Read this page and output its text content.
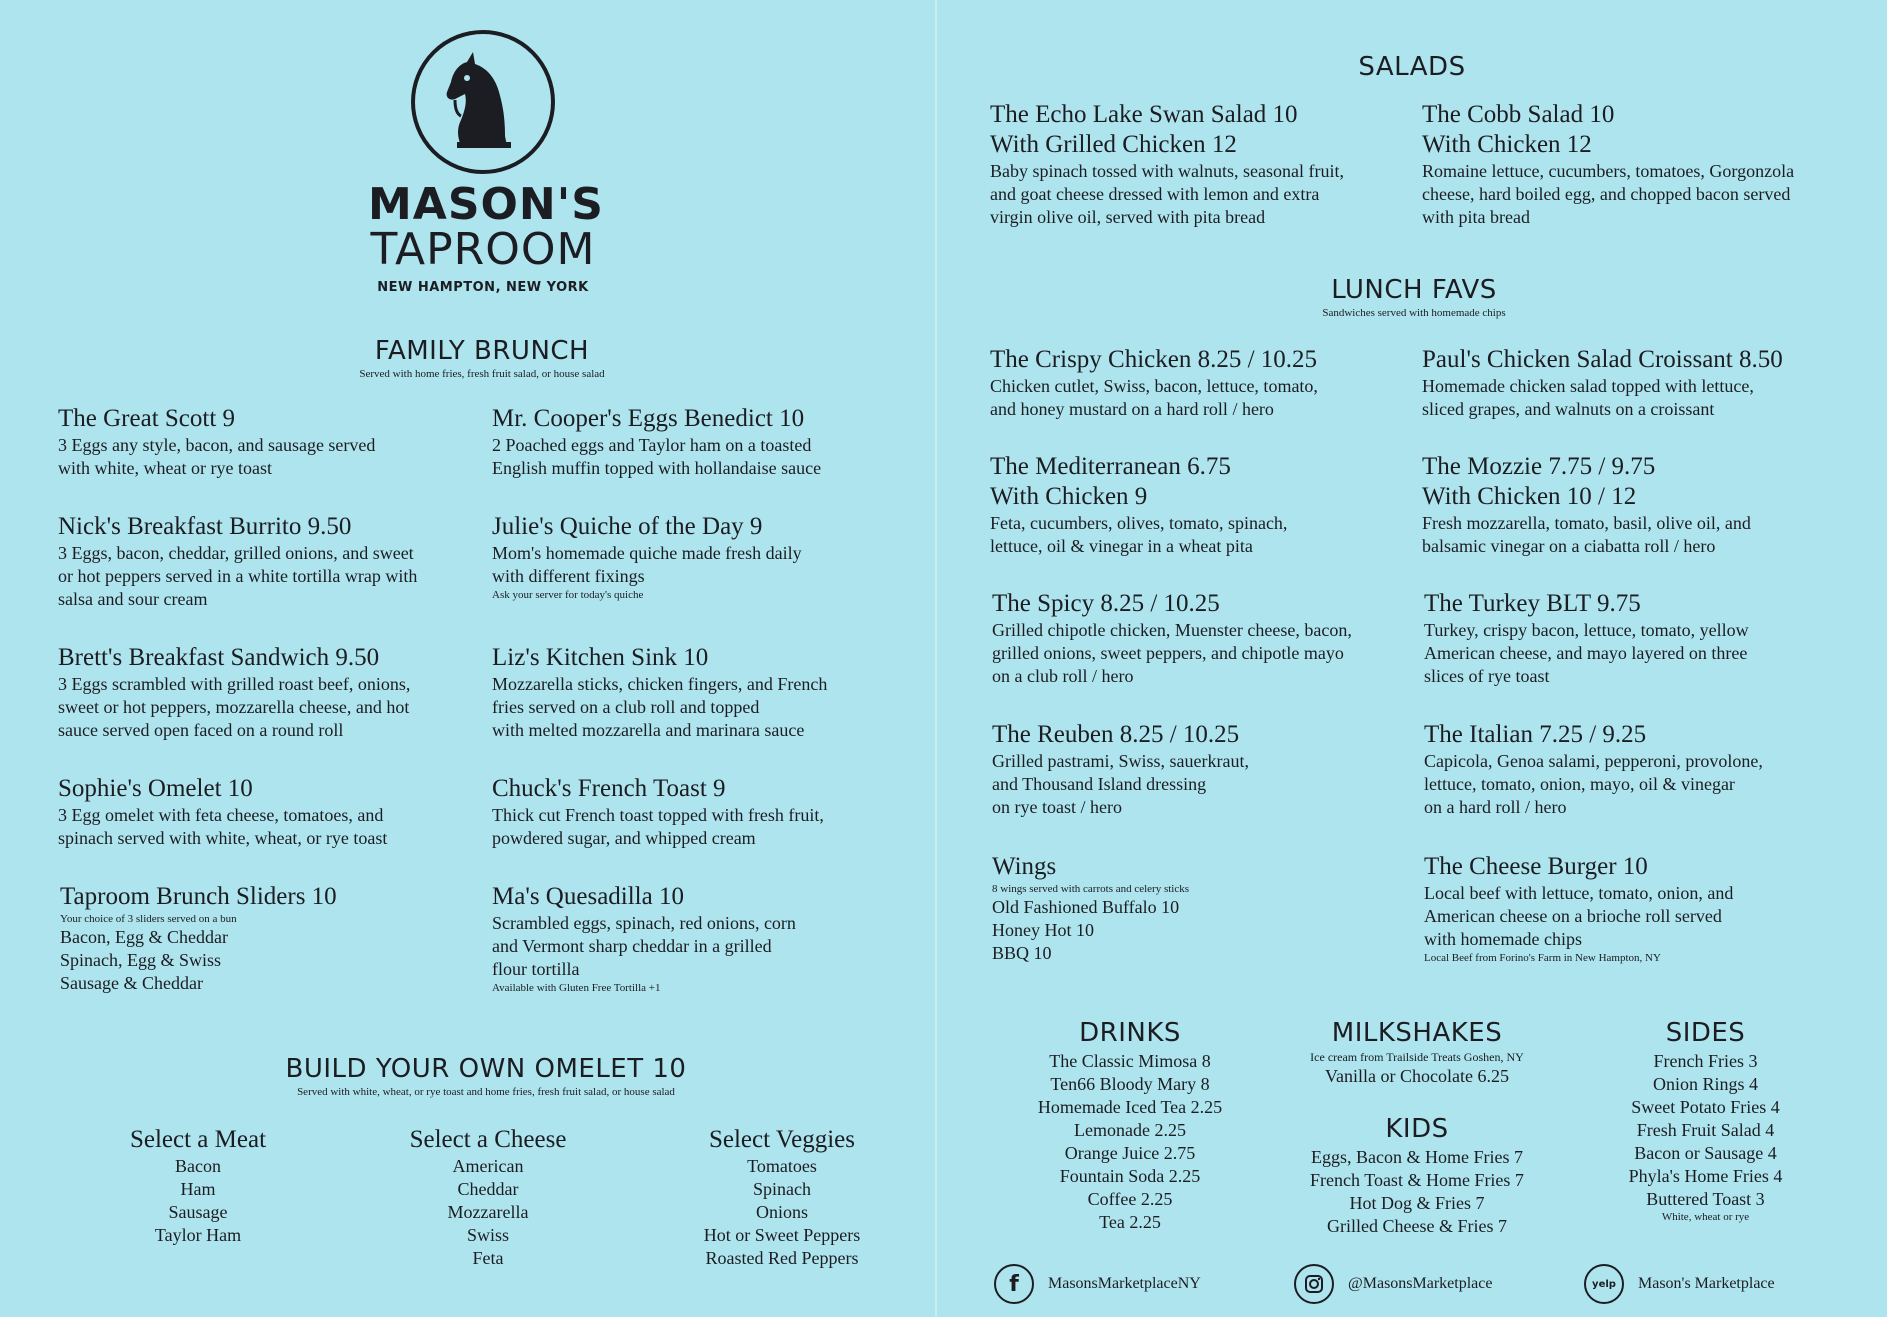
MASON'S
TAPROOM
NEW HAMPTON, NEW YORK
FAMILY BRUNCH
Served with home fries, fresh fruit salad, or house salad
The Great Scott 9
3 Eggs any style, bacon, and sausage served
with white, wheat or rye toast
Mr. Cooper's Eggs Benedict 10
2 Poached eggs and Taylor ham on a toasted
English muffin topped with hollandaise sauce
Nick's Breakfast Burrito 9.50
3 Eggs, bacon, cheddar, grilled onions, and sweet
or hot peppers served in a white tortilla wrap with
salsa and sour cream
Julie's Quiche of the Day 9
Mom's homemade quiche made fresh daily
with different fixings
Ask your server for today's quiche
Brett's Breakfast Sandwich 9.50
3 Eggs scrambled with grilled roast beef, onions,
sweet or hot peppers, mozzarella cheese, and hot
sauce served open faced on a round roll
Liz's Kitchen Sink 10
Mozzarella sticks, chicken fingers, and French
fries served on a club roll and topped
with melted mozzarella and marinara sauce
Sophie's Omelet 10
3 Egg omelet with feta cheese, tomatoes, and
spinach served with white, wheat, or rye toast
Chuck's French Toast 9
Thick cut French toast topped with fresh fruit,
powdered sugar, and whipped cream
Taproom Brunch Sliders 10
Your choice of 3 sliders served on a bun
Bacon, Egg & Cheddar
Spinach, Egg & Swiss
Sausage & Cheddar
Ma's Quesadilla 10
Scrambled eggs, spinach, red onions, corn
and Vermont sharp cheddar in a grilled
flour tortilla
Available with Gluten Free Tortilla +1
BUILD YOUR OWN OMELET 10
Served with white, wheat, or rye toast and home fries, fresh fruit salad, or house salad
Select a Meat
Bacon
Ham
Sausage
Taylor Ham
Select a Cheese
American
Cheddar
Mozzarella
Swiss
Feta
Select Veggies
Tomatoes
Spinach
Onions
Hot or Sweet Peppers
Roasted Red Peppers
SALADS
The Echo Lake Swan Salad 10
With Grilled Chicken 12
Baby spinach tossed with walnuts, seasonal fruit,
and goat cheese dressed with lemon and extra
virgin olive oil, served with pita bread
The Cobb Salad 10
With Chicken 12
Romaine lettuce, cucumbers, tomatoes, Gorgonzola
cheese, hard boiled egg, and chopped bacon served
with pita bread
LUNCH FAVS
Sandwiches served with homemade chips
The Crispy Chicken 8.25 / 10.25
Chicken cutlet, Swiss, bacon, lettuce, tomato,
and honey mustard on a hard roll / hero
Paul's Chicken Salad Croissant 8.50
Homemade chicken salad topped with lettuce,
sliced grapes, and walnuts on a croissant
The Mediterranean 6.75
With Chicken 9
Feta, cucumbers, olives, tomato, spinach,
lettuce, oil & vinegar in a wheat pita
The Mozzie 7.75 / 9.75
With Chicken 10 / 12
Fresh mozzarella, tomato, basil, olive oil, and
balsamic vinegar on a ciabatta roll / hero
The Spicy 8.25 / 10.25
Grilled chipotle chicken, Muenster cheese, bacon,
grilled onions, sweet peppers, and chipotle mayo
on a club roll / hero
The Turkey BLT 9.75
Turkey, crispy bacon, lettuce, tomato, yellow
American cheese, and mayo layered on three
slices of rye toast
The Reuben 8.25 / 10.25
Grilled pastrami, Swiss, sauerkraut,
and Thousand Island dressing
on rye toast / hero
The Italian 7.25 / 9.25
Capicola, Genoa salami, pepperoni, provolone,
lettuce, tomato, onion, mayo, oil & vinegar
on a hard roll / hero
Wings
8 wings served with carrots and celery sticks
Old Fashioned Buffalo 10
Honey Hot 10
BBQ 10
The Cheese Burger 10
Local beef with lettuce, tomato, onion, and
American cheese on a brioche roll served
with homemade chips
Local Beef from Forino's Farm in New Hampton, NY
DRINKS
The Classic Mimosa 8
Ten66 Bloody Mary 8
Homemade Iced Tea 2.25
Lemonade 2.25
Orange Juice 2.75
Fountain Soda 2.25
Coffee 2.25
Tea 2.25
MILKSHAKES
Ice cream from Trailside Treats Goshen, NY
Vanilla or Chocolate 6.25
KIDS
Eggs, Bacon & Home Fries 7
French Toast & Home Fries 7
Hot Dog & Fries 7
Grilled Cheese & Fries 7
SIDES
French Fries 3
Onion Rings 4
Sweet Potato Fries 4
Fresh Fruit Salad 4
Bacon or Sausage 4
Phyla's Home Fries 4
Buttered Toast 3
White, wheat or rye
f MasonsMarketplaceNY	@MasonsMarketplace	yelp Mason's Marketplace
